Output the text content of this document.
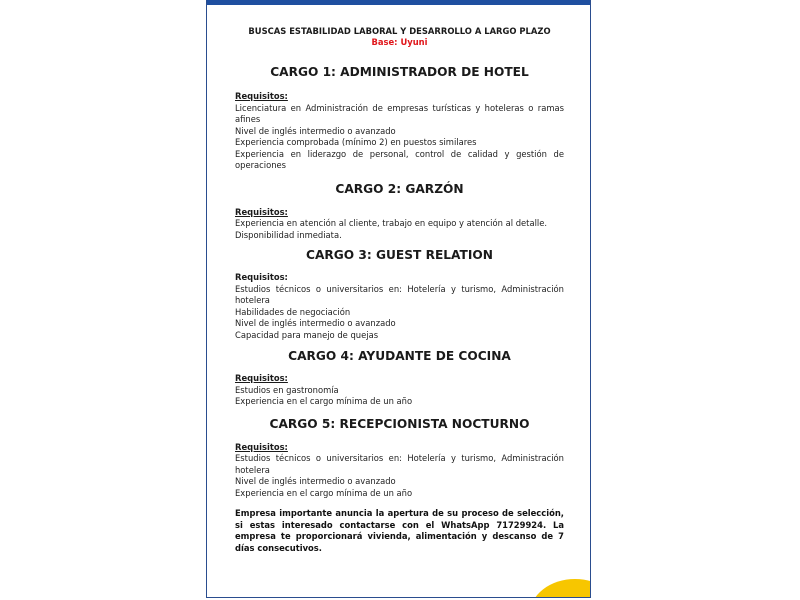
BUSCAS ESTABILIDAD LABORAL Y DESARROLLO A LARGO PLAZO
Base: Uyuni
CARGO 1: ADMINISTRADOR DE HOTEL
Requisitos:
Licenciatura en Administración de empresas turísticas y hoteleras o ramas afines
Nivel de inglés intermedio o avanzado
Experiencia comprobada (mínimo 2) en puestos similares
Experiencia en liderazgo de personal, control de calidad y gestión de operaciones
CARGO 2: GARZÓN
Requisitos:
Experiencia en atención al cliente, trabajo en equipo y atención al detalle.
Disponibilidad inmediata.
CARGO 3: GUEST RELATION
Requisitos:
Estudios técnicos o universitarios en: Hotelería y turismo, Administración hotelera
Habilidades de negociación
Nivel de inglés intermedio o avanzado
Capacidad para manejo de quejas
CARGO 4: AYUDANTE DE COCINA
Requisitos:
Estudios en gastronomía
Experiencia en el cargo mínima de un año
CARGO 5: RECEPCIONISTA NOCTURNO
Requisitos:
Estudios técnicos o universitarios en: Hotelería y turismo, Administración hotelera
Nivel de inglés intermedio o avanzado
Experiencia en el cargo mínima de un año
Empresa importante anuncia la apertura de su proceso de selección, si estas interesado contactarse con el WhatsApp 71729924. La empresa te proporcionará vivienda, alimentación y descanso de 7 días consecutivos.
